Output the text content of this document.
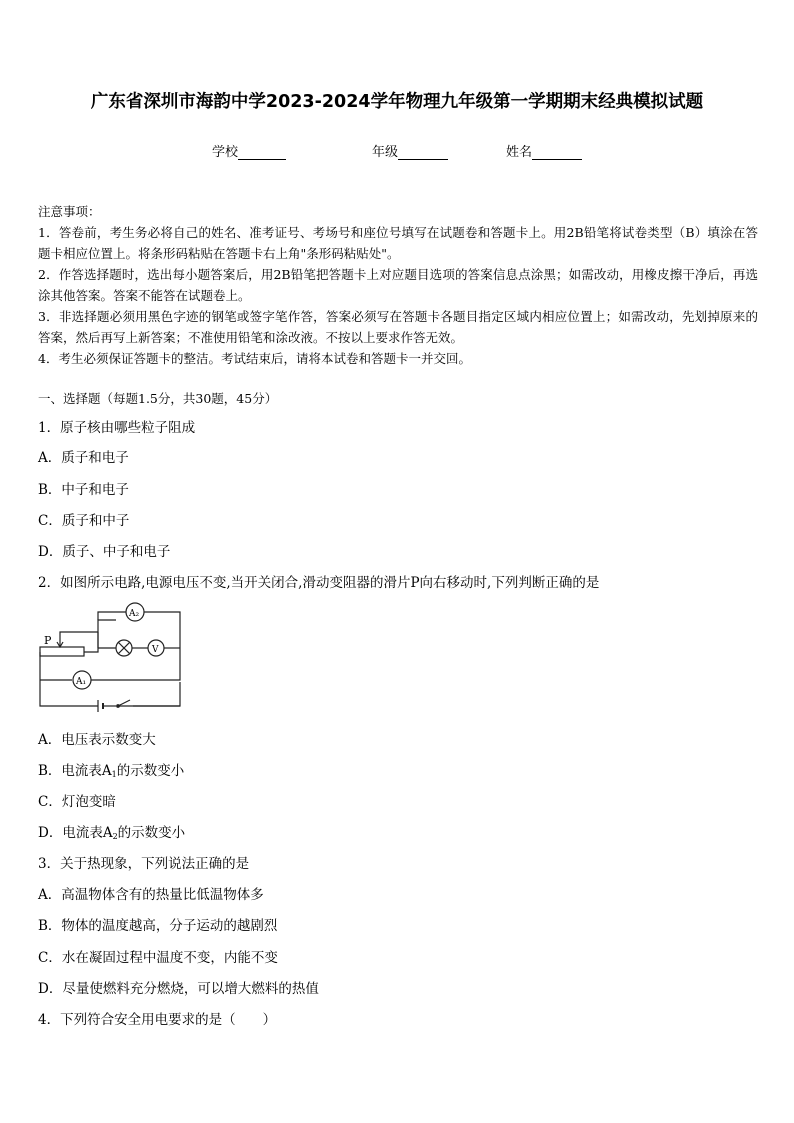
广东省深圳市海韵中学2023-2024学年物理九年级第一学期期末经典模拟试题
学校	年级	姓名

注意事项：

1．答卷前，考生务必将自己的姓名、准考证号、考场号和座位号填写在试题卷和答题卡上。用2B铅笔将试卷类型（B）填涂在答题卡相应位置上。将条形码粘贴在答题卡右上角"条形码粘贴处"。

2．作答选择题时，选出每小题答案后，用2B铅笔把答题卡上对应题目选项的答案信息点涂黑；如需改动，用橡皮擦干净后，再选涂其他答案。答案不能答在试题卷上。

3．非选择题必须用黑色字迹的钢笔或签字笔作答，答案必须写在答题卡各题目指定区域内相应位置上；如需改动，先划掉原来的答案，然后再写上新答案；不准使用铅笔和涂改液。不按以上要求作答无效。

4．考生必须保证答题卡的整洁。考试结束后，请将本试卷和答题卡一并交回。

一、选择题（每题1.5分，共30题，45分）
1．原子核由哪些粒子阻成
A．质子和电子
B．中子和电子
C．质子和中子
D．质子、中子和电子
2．如图所示电路,电源电压不变,当开关闭合,滑动变阻器的滑片P向右移动时,下列判断正确的是
P
A₂
A₁
V
A．电压表示数变大
B．电流表$A_1$的示数变小
C．灯泡变暗
D．电流表$A_2$的示数变小
3．关于热现象，下列说法正确的是
A．高温物体含有的热量比低温物体多
B．物体的温度越高，分子运动的越剧烈
C．水在凝固过程中温度不变，内能不变
D．尽量使燃料充分燃烧，可以增大燃料的热值
4．下列符合安全用电要求的是（　　）
